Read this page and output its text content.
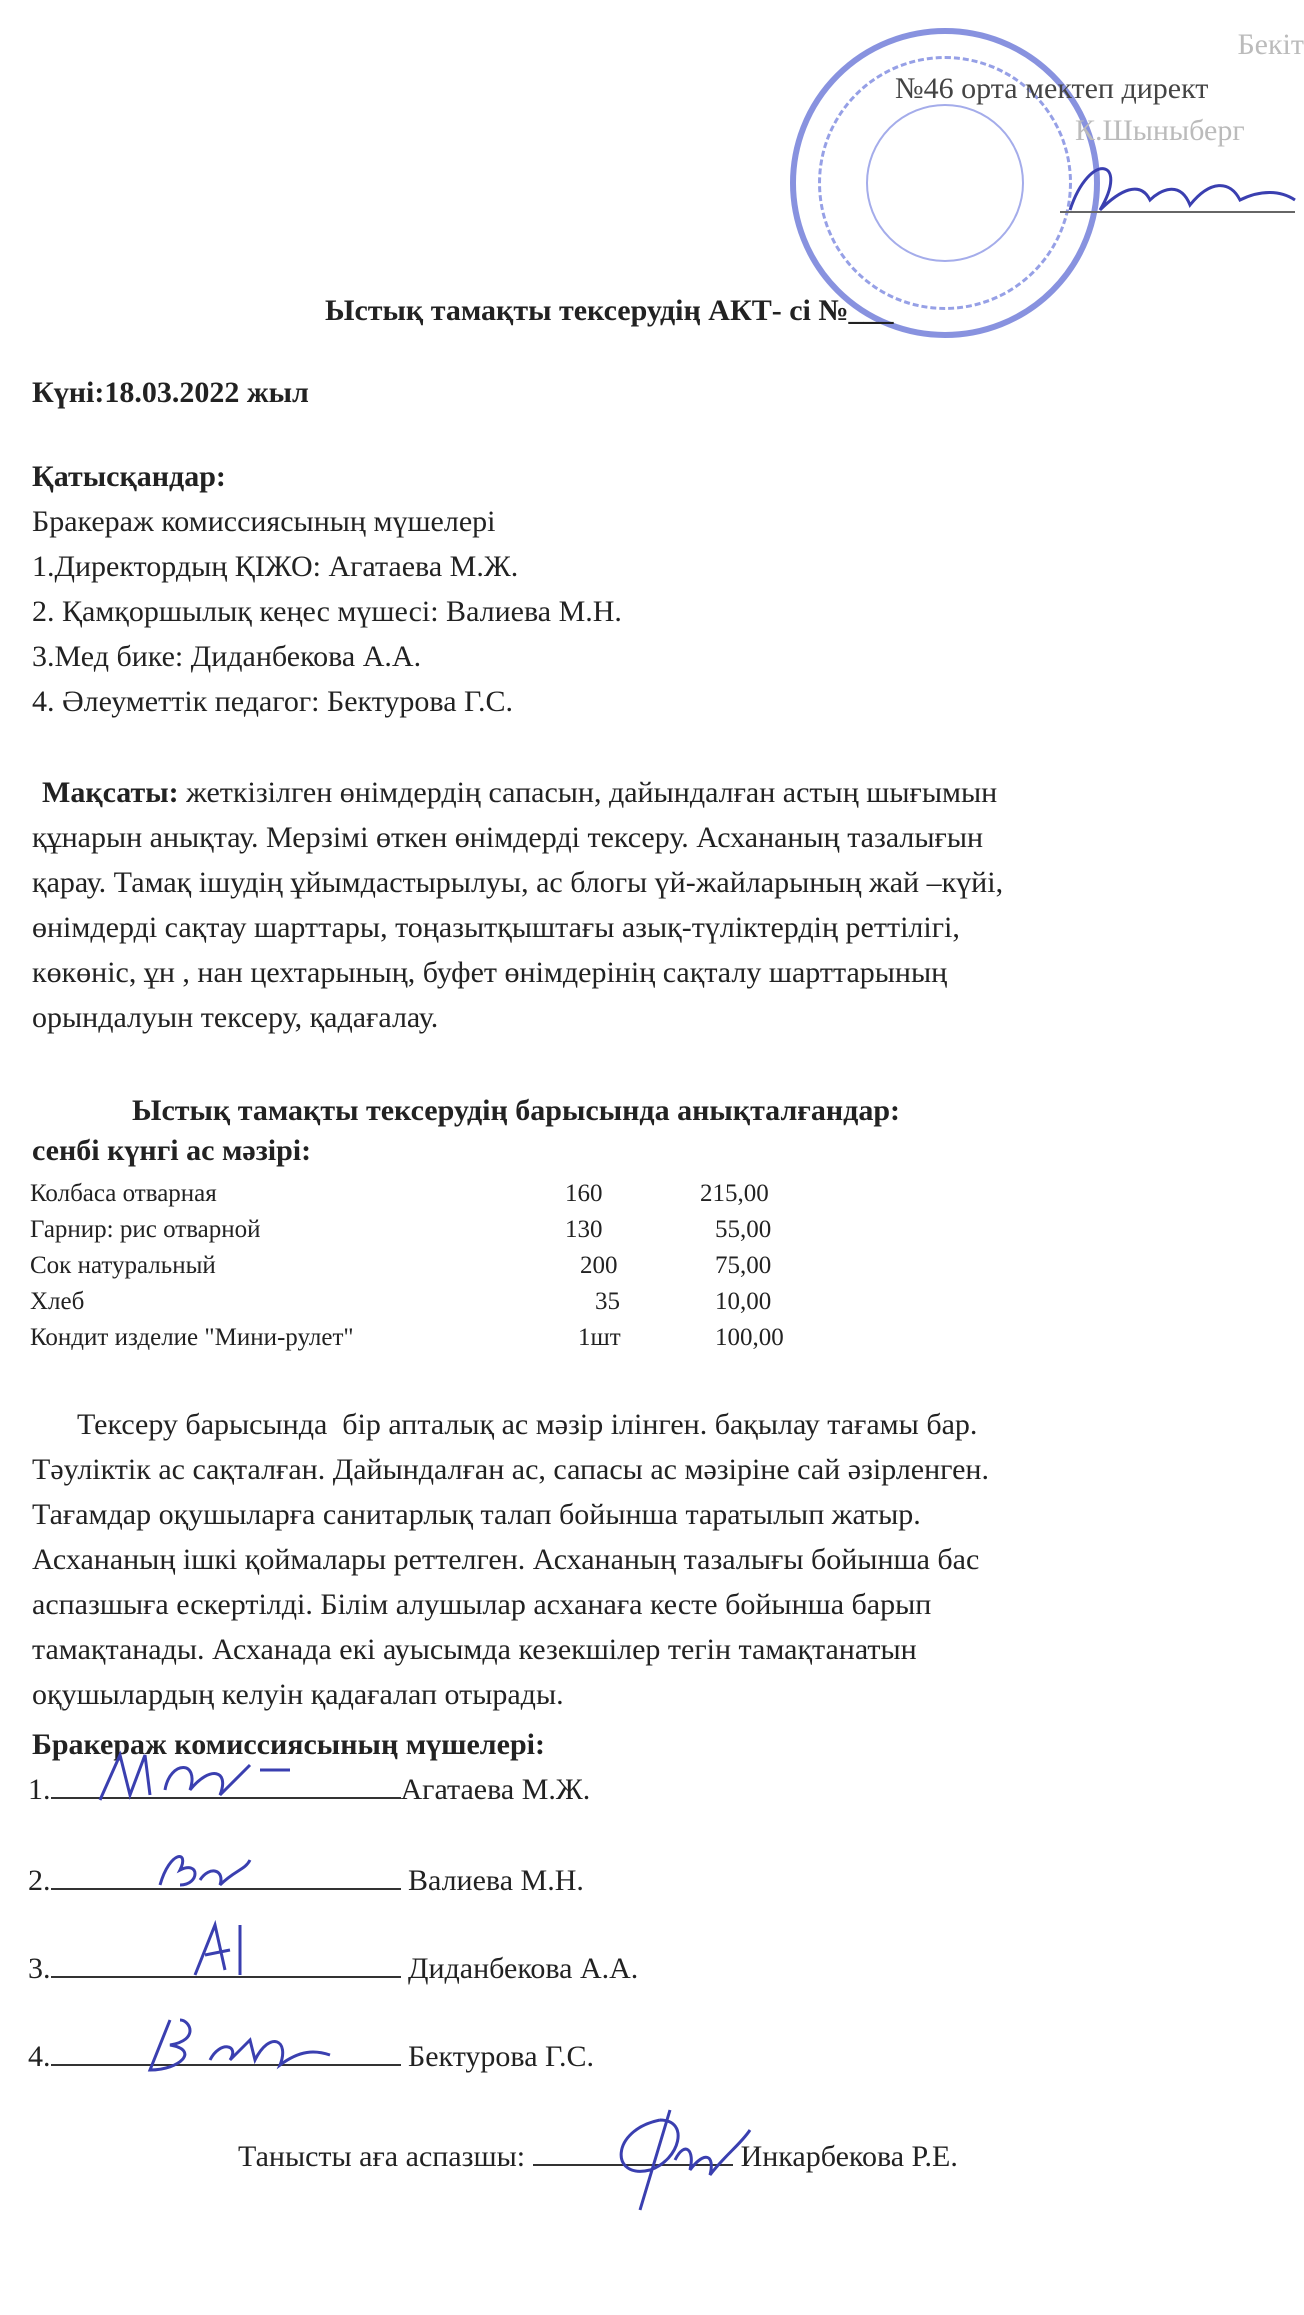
Бекіт
№46 орта мектеп директ
К.Шыныберг
Ыстық тамақты тексерудің АКТ- сі №___
Күні:18.03.2022 жыл
Қатысқандар:
Бракераж комиссиясының мүшелері
1.Директордың ҚІЖО: Агатаева М.Ж.
2. Қамқоршылық кеңес мүшесі: Валиева М.Н.
3.Мед бике: Диданбекова А.А.
4. Әлеуметтік педагог: Бектурова Г.С.
Мақсаты: жеткізілген өнімдердің сапасын, дайындалған астың шығымын
құнарын анықтау. Мерзімі өткен өнімдерді тексеру. Асхананың тазалығын
қарау. Тамақ ішудің ұйымдастырылуы, ас блогы үй-жайларының жай –күйі,
өнімдерді сақтау шарттары, тоңазытқыштағы азық-түліктердің реттілігі,
көкөніс, ұн , нан цехтарының, буфет өнімдерінің сақталу шарттарының
орындалуын тексеру, қадағалау.
Ыстық тамақты тексерудің барысында анықталғандар:
сенбі күнгі ас мәзірі:
Колбаса отварная	160	215,00
Гарнир: рис отварной	130	55,00
Сок натуральный	200	75,00
Хлеб	35	10,00
Кондит изделие "Мини-рулет"	1шт	100,00
Тексеру барысында  бір апталық ас мәзір ілінген. бақылау тағамы бар.
Тәуліктік ас сақталған. Дайындалған ас, сапасы ас мәзіріне сай әзірленген.
Тағамдар оқушыларға санитарлық талап бойынша таратылып жатыр.
Асхананың ішкі қоймалары реттелген. Асхананың тазалығы бойынша бас
аспазшыға ескертілді. Білім алушылар асханаға кесте бойынша барып
тамақтанады. Асханада екі ауысымда кезекшілер тегін тамақтанатын
оқушылардың келуін қадағалап отырады.
Бракераж комиссиясының мүшелері:
1.	Агатаева М.Ж.
2.	Валиева М.Н.
3.	Диданбекова А.А.
4.	Бектурова Г.С.
Танысты аға аспазшы:	Инкарбекова Р.Е.
